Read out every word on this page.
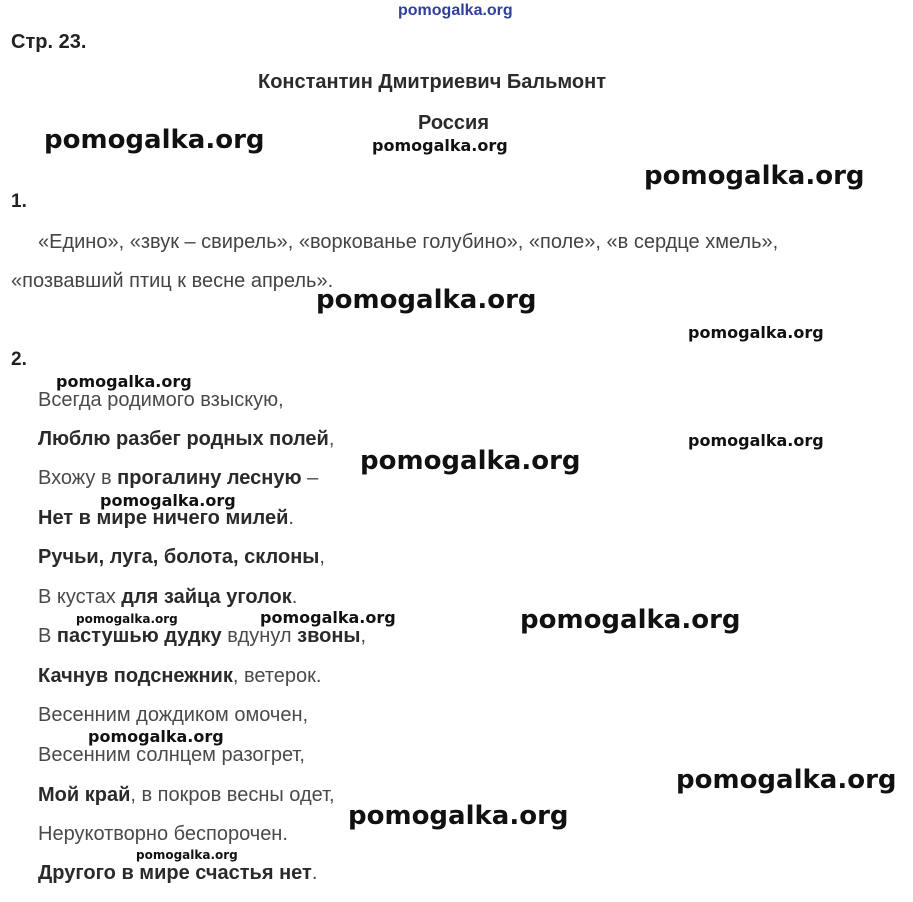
pomogalka.org
Стр. 23.
Константин Дмитриевич Бальмонт
Россия
1.
«Едино», «звук – свирель», «воркованье голубино», «поле», «в сердце хмель»,
«позвавший птиц к весне апрель».
2.
Всегда родимого взыскую,
Люблю разбег родных полей,
Вхожу в прогалину лесную –
Нет в мире ничего милей.
Ручьи, луга, болота, склоны,
В кустах для зайца уголок.
В пастушью дудку вдунул звоны,
Качнув подснежник, ветерок.
Весенним дождиком омочен,
Весенним солнцем разогрет,
Мой край, в покров весны одет,
Нерукотворно беспорочен.
Другого в мире счастья нет.
pomogalka.org	pomogalka.org
pomogalka.org
pomogalka.org
pomogalka.org
pomogalka.org
pomogalka.org
pomogalka.org
pomogalka.org
pomogalka.org	pomogalka.org	pomogalka.org
pomogalka.org
pomogalka.org
pomogalka.org
pomogalka.org
